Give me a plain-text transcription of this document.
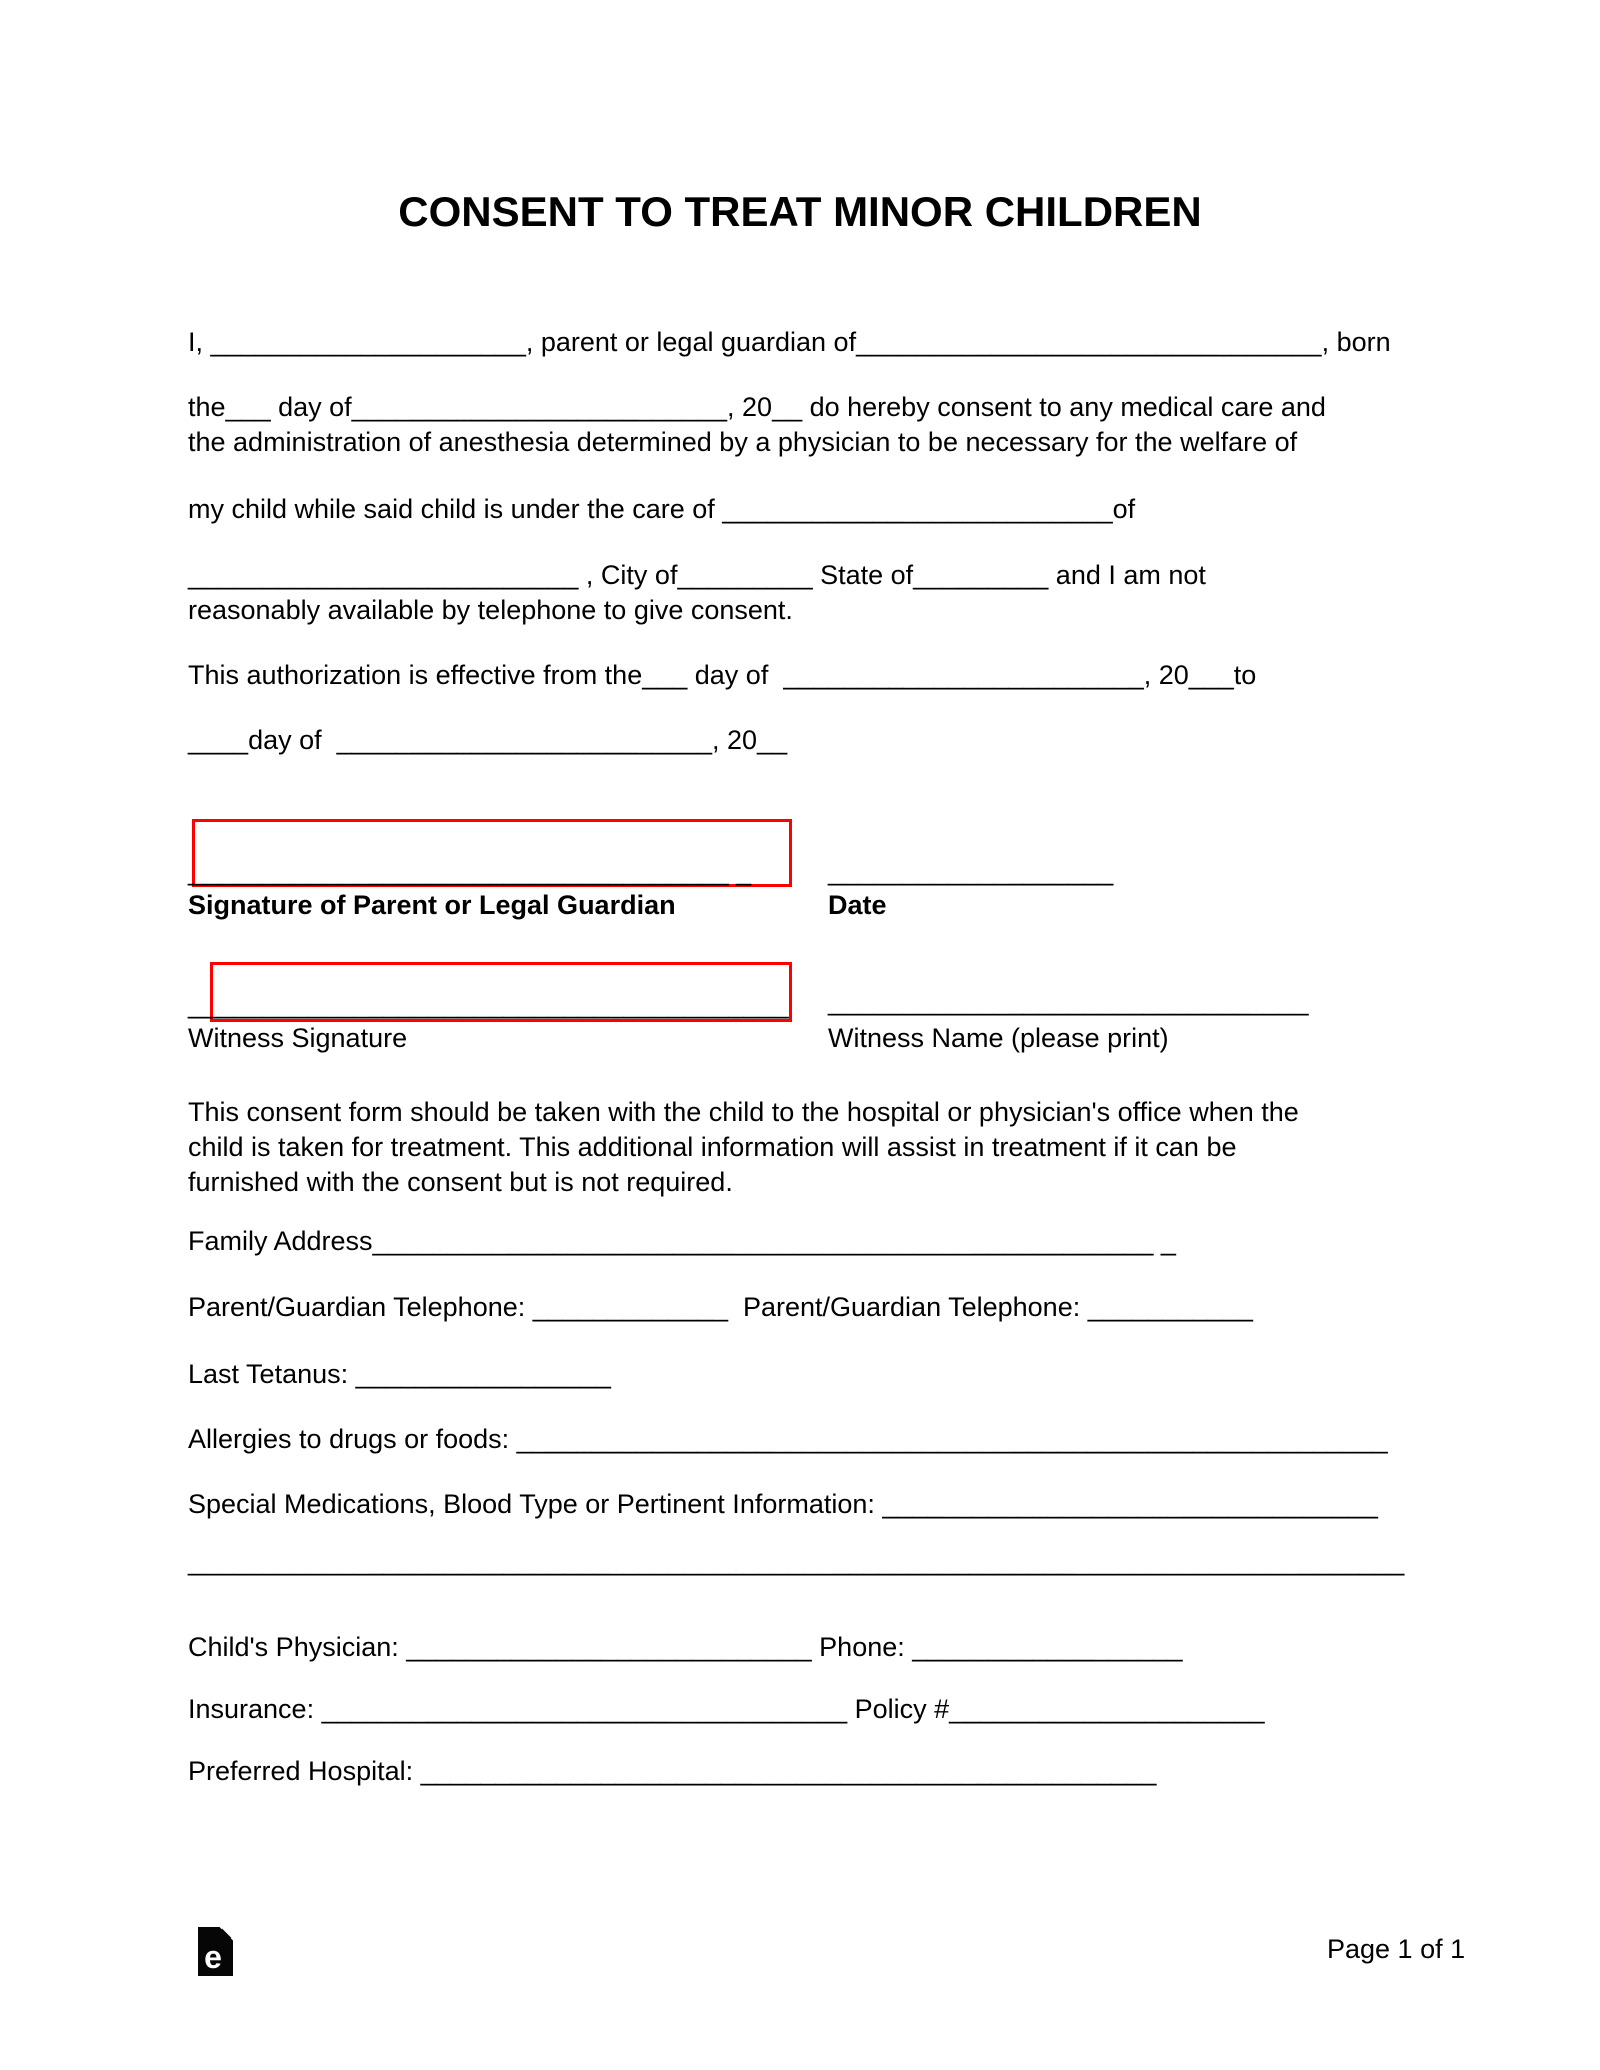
CONSENT TO TREAT MINOR CHILDREN
I, _____________________, parent or legal guardian of_______________________________, born
the___ day of_________________________, 20__ do hereby consent to any medical care and
the administration of anesthesia determined by a physician to be necessary for the welfare of
my child while said child is under the care of __________________________of
__________________________ , City of_________ State of_________ and I am not
reasonably available by telephone to give consent.
This authorization is effective from the___ day of  ________________________, 20___to
____day of  _________________________, 20__
____________________________________ _	___________________
Signature of Parent or Legal Guardian	Date
________________________________________ ________________________________
Witness Signature	Witness Name (please print)
This consent form should be taken with the child to the hospital or physician's office when the
child is taken for treatment. This additional information will assist in treatment if it can be
furnished with the consent but is not required.
Family Address____________________________________________________ _
Parent/Guardian Telephone: _____________  Parent/Guardian Telephone: ___________
Last Tetanus: _________________
Allergies to drugs or foods: __________________________________________________________
Special Medications, Blood Type or Pertinent Information: _________________________________
_________________________________________________________________________________
Child's Physician: ___________________________ Phone: __________________
Insurance: ___________________________________ Policy #_____________________
Preferred Hospital: _________________________________________________
e	Page 1 of 1
